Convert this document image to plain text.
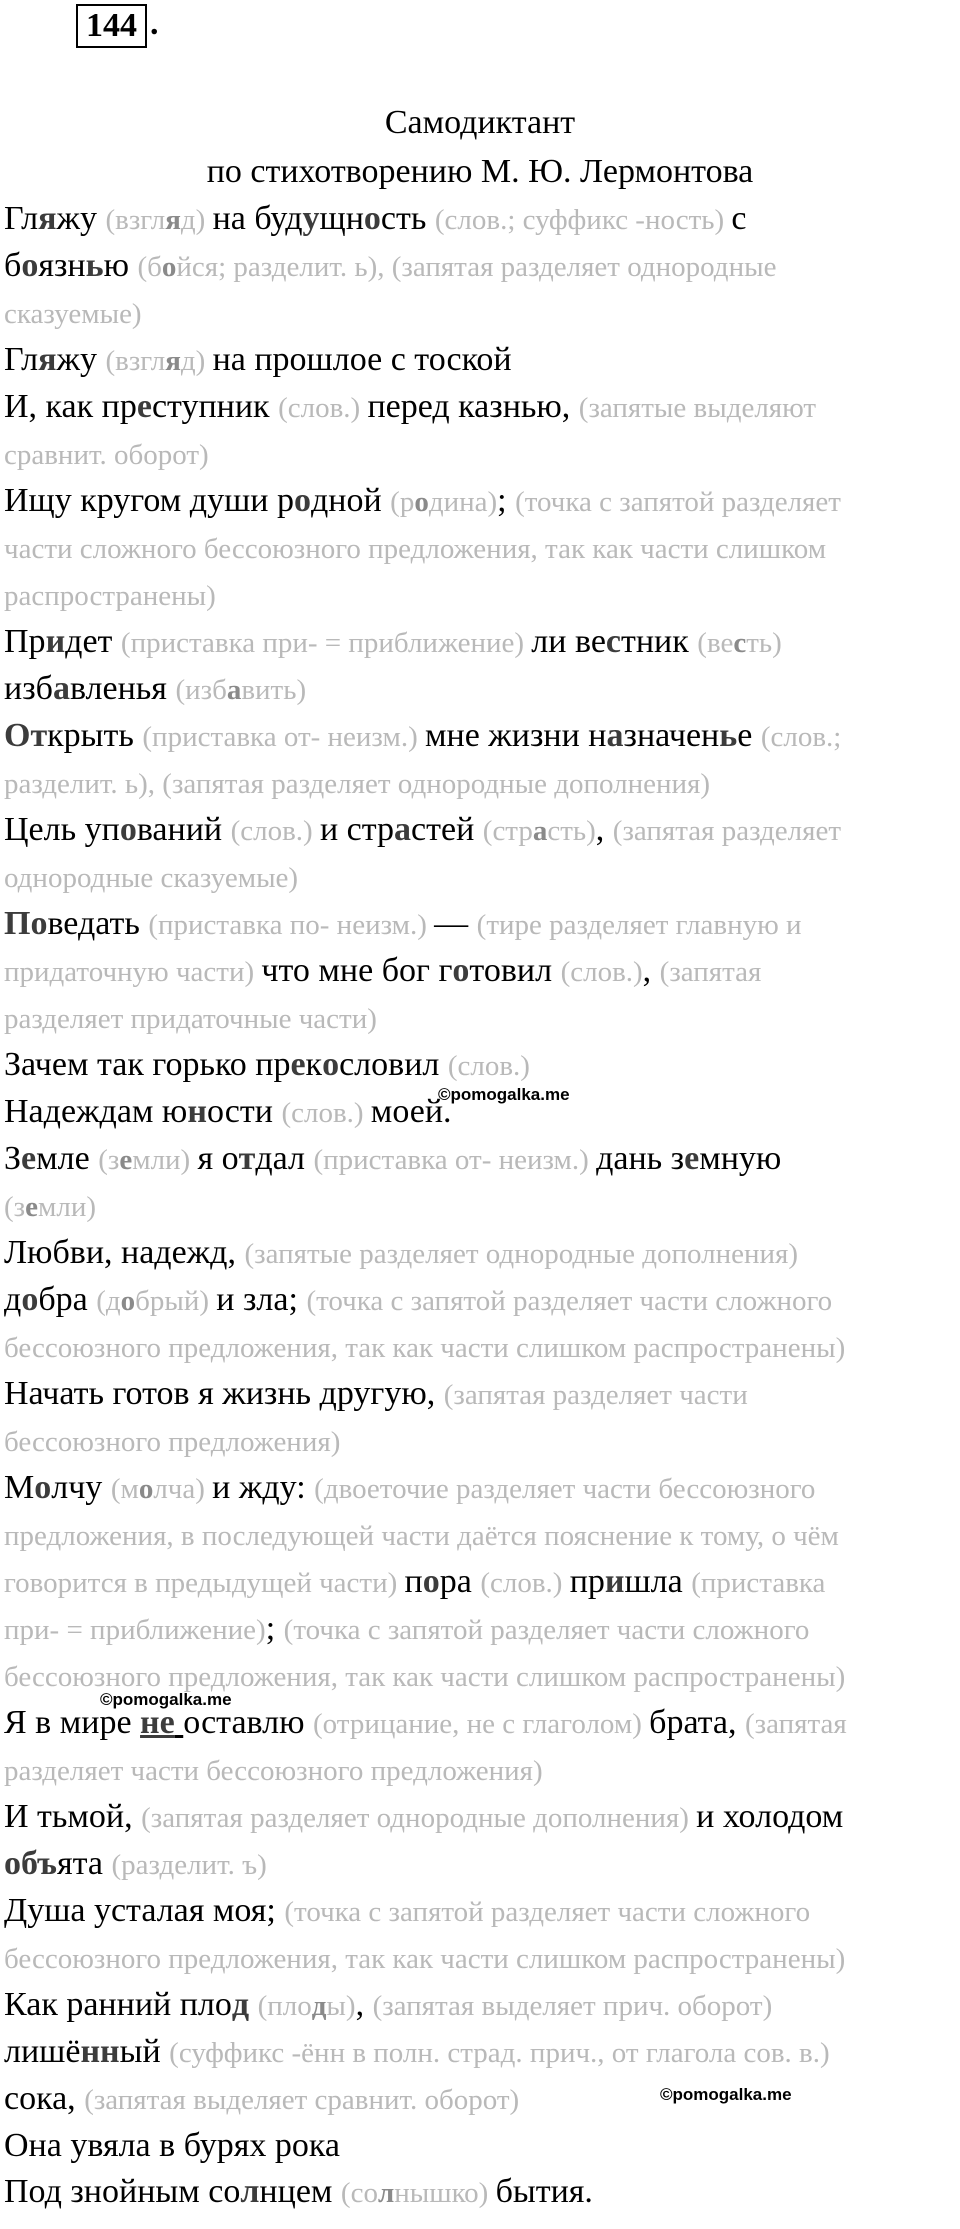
144 .
Самодиктант
по стихотворению М. Ю. Лермонтова

Гляжу (взгляд) на будущность (слов.; суффикс -ность) с

боязнью (бойся; разделит. ь), (запятая разделяет однородные

сказуемые)

Гляжу (взгляд) на прошлое с тоской

И, как преступник (слов.) перед казнью, (запятые выделяют

сравнит. оборот)

Ищу кругом души родной (родина); (точка с запятой разделяет

части сложного бессоюзного предложения, так как части слишком

распространены)

Придет (приставка при- = приближение) ли вестник (весть)

избавленья (избавить)

Открыть (приставка от- неизм.) мне жизни назначенье (слов.;

разделит. ь), (запятая разделяет однородные дополнения)

Цель упований (слов.) и страстей (страсть), (запятая разделяет

однородные сказуемые)

Поведать (приставка по- неизм.) — (тире разделяет главную и

придаточную части) что мне бог готовил (слов.), (запятая

разделяет придаточные части)

Зачем так горько прекословил (слов.)

Надеждам юности (слов.) моей.

Земле (земли) я отдал (приставка от- неизм.) дань земную

(земли)

Любви, надежд, (запятые разделяет однородные дополнения)

добра (добрый) и зла; (точка с запятой разделяет части сложного

бессоюзного предложения, так как части слишком распространены)

Начать готов я жизнь другую, (запятая разделяет части

бессоюзного предложения)

Молчу (молча) и жду: (двоеточие разделяет части бессоюзного

предложения, в последующей части даётся пояснение к тому, о чём

говорится в предыдущей части) пора (слов.) пришла (приставка

при- = приближение); (точка с запятой разделяет части сложного

бессоюзного предложения, так как части слишком распространены)

Я в мире не оставлю (отрицание, не с глаголом) брата, (запятая

разделяет части бессоюзного предложения)

И тьмой, (запятая разделяет однородные дополнения) и холодом

объята (разделит. ъ)

Душа усталая моя; (точка с запятой разделяет части сложного

бессоюзного предложения, так как части слишком распространены)

Как ранний плод (плоды), (запятая выделяет прич. оборот)

лишённый (суффикс -ённ в полн. страд. прич., от глагола сов. в.)

сока, (запятая выделяет сравнит. оборот)

Она увяла в бурях рока

Под знойным солнцем (солнышко) бытия.

©pomogalka.me
©pomogalka.me
©pomogalka.me
